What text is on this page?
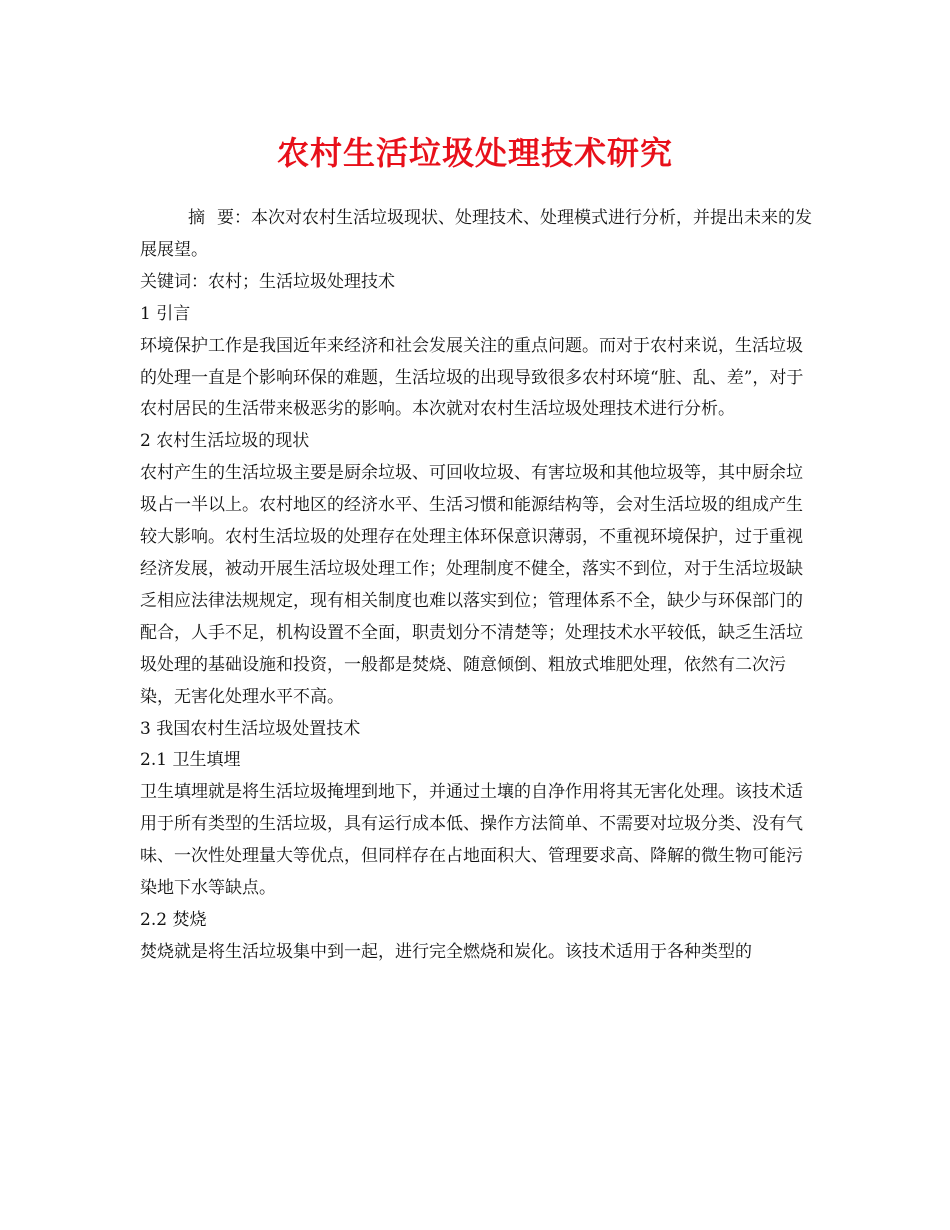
农村生活垃圾处理技术研究

摘 要：本次对农村生活垃圾现状、处理技术、处理模式进行分析，并提出未来的发展展望。

关键词：农村；生活垃圾处理技术

1 引言

环境保护工作是我国近年来经济和社会发展关注的重点问题。而对于农村来说，生活垃圾的处理一直是个影响环保的难题，生活垃圾的出现导致很多农村环境“脏、乱、差”，对于农村居民的生活带来极恶劣的影响。本次就对农村生活垃圾处理技术进行分析。

2 农村生活垃圾的现状

农村产生的生活垃圾主要是厨余垃圾、可回收垃圾、有害垃圾和其他垃圾等，其中厨余垃圾占一半以上。农村地区的经济水平、生活习惯和能源结构等，会对生活垃圾的组成产生较大影响。农村生活垃圾的处理存在处理主体环保意识薄弱，不重视环境保护，过于重视经济发展，被动开展生活垃圾处理工作；处理制度不健全，落实不到位，对于生活垃圾缺乏相应法律法规规定，现有相关制度也难以落实到位；管理体系不全，缺少与环保部门的配合，人手不足，机构设置不全面，职责划分不清楚等；处理技术水平较低，缺乏生活垃圾处理的基础设施和投资，一般都是焚烧、随意倾倒、粗放式堆肥处理，依然有二次污染，无害化处理水平不高。

3 我国农村生活垃圾处置技术

2.1 卫生填埋

卫生填埋就是将生活垃圾掩埋到地下，并通过土壤的自净作用将其无害化处理。该技术适用于所有类型的生活垃圾，具有运行成本低、操作方法简单、不需要对垃圾分类、没有气味、一次性处理量大等优点，但同样存在占地面积大、管理要求高、降解的微生物可能污染地下水等缺点。

2.2 焚烧

焚烧就是将生活垃圾集中到一起，进行完全燃烧和炭化。该技术适用于各种类型的
